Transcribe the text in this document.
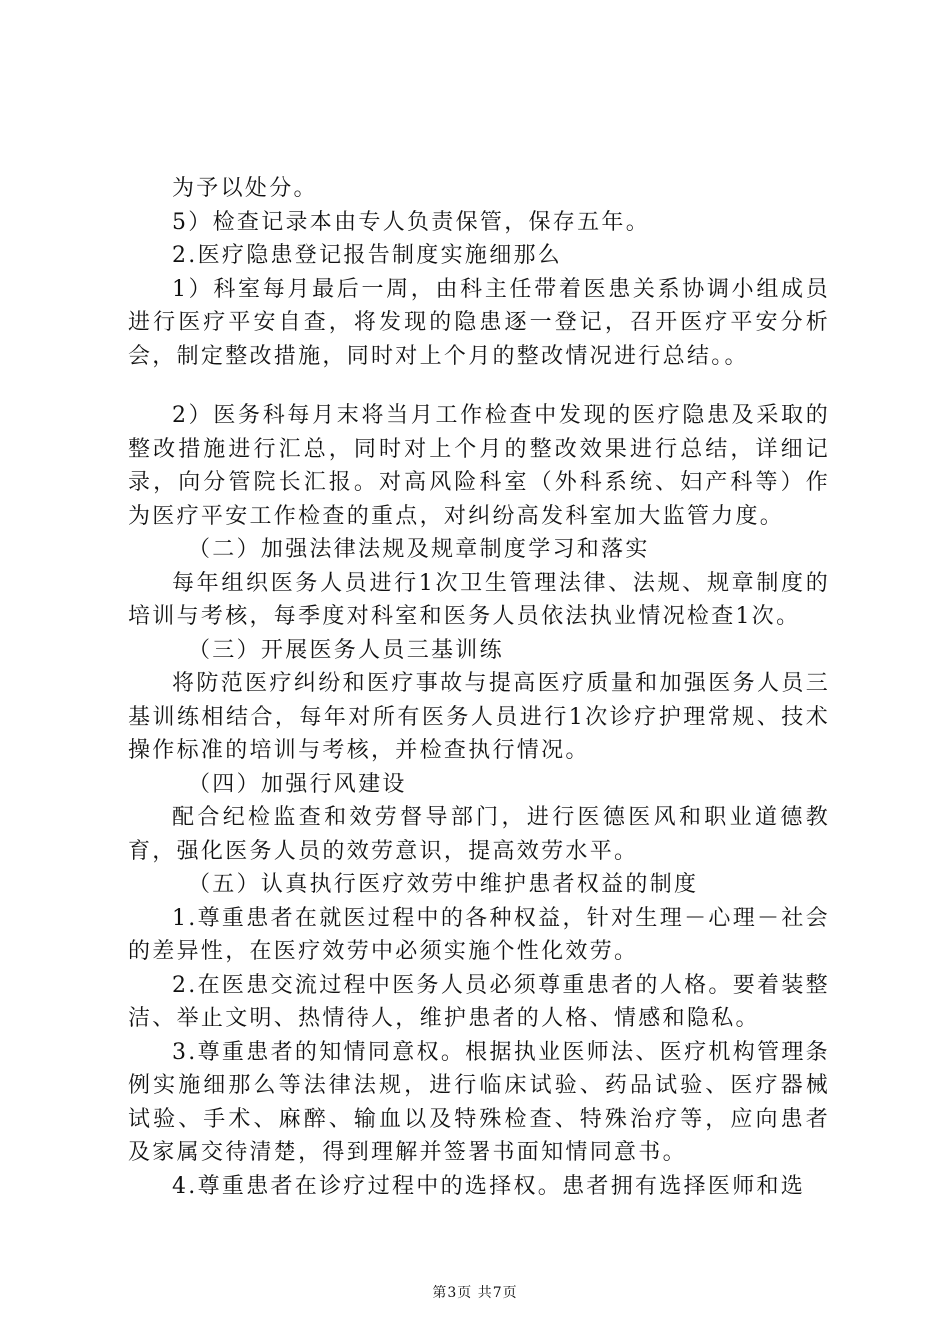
为予以处分。

5）检查记录本由专人负责保管，保存五年。

2.医疗隐患登记报告制度实施细那么

1）科室每月最后一周，由科主任带着医患关系协调小组成员进行医疗平安自查，将发现的隐患逐一登记，召开医疗平安分析会，制定整改措施，同时对上个月的整改情况进行总结。。

2）医务科每月末将当月工作检查中发现的医疗隐患及采取的整改措施进行汇总，同时对上个月的整改效果进行总结，详细记录，向分管院长汇报。对高风险科室（外科系统、妇产科等）作为医疗平安工作检查的重点，对纠纷高发科室加大监管力度。

（二）加强法律法规及规章制度学习和落实

每年组织医务人员进行1次卫生管理法律、法规、规章制度的培训与考核，每季度对科室和医务人员依法执业情况检查1次。

（三）开展医务人员三基训练

将防范医疗纠纷和医疗事故与提高医疗质量和加强医务人员三基训练相结合，每年对所有医务人员进行1次诊疗护理常规、技术操作标准的培训与考核，并检查执行情况。

（四）加强行风建设

配合纪检监查和效劳督导部门，进行医德医风和职业道德教育，强化医务人员的效劳意识，提高效劳水平。

（五）认真执行医疗效劳中维护患者权益的制度

1.尊重患者在就医过程中的各种权益，针对生理－心理－社会的差异性，在医疗效劳中必须实施个性化效劳。

2.在医患交流过程中医务人员必须尊重患者的人格。要着装整洁、举止文明、热情待人，维护患者的人格、情感和隐私。

3.尊重患者的知情同意权。根据执业医师法、医疗机构管理条例实施细那么等法律法规，进行临床试验、药品试验、医疗器械试验、手术、麻醉、输血以及特殊检查、特殊治疗等，应向患者及家属交待清楚，得到理解并签署书面知情同意书。

4.尊重患者在诊疗过程中的选择权。患者拥有选择医师和选

第3页 共7页
